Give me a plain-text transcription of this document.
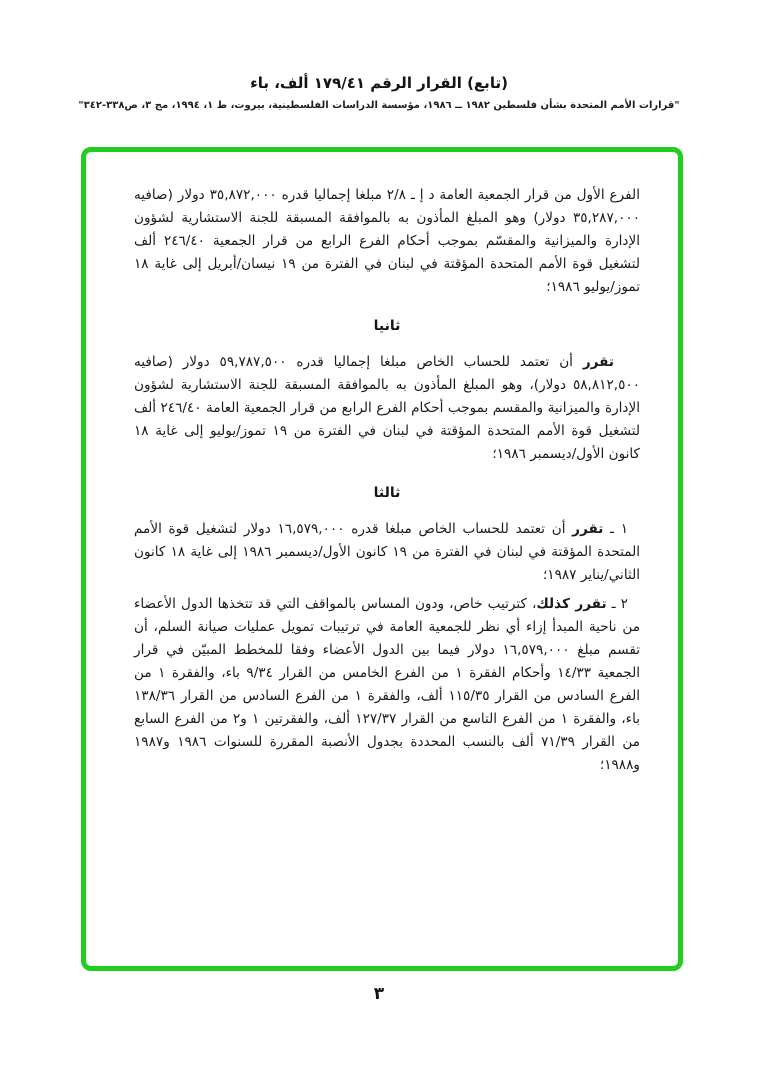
(تابع) القرار الرقم ١٧٩/٤١ ألف، باء
"قرارات الأمم المتحدة بشأن فلسطين ١٩٨٢ ــ ١٩٨٦، مؤسسة الدراسات الفلسطينية، بيروت، ط ١، ١٩٩٤، مج ٣، ص٣٣٨-٣٤٢"

الفرع الأول من قرار الجمعية العامة د إ ـ ٢/٨ مبلغا إجماليا قدره ٣٥,٨٧٢,٠٠٠ دولار (صافيه ٣٥,٢٨٧,٠٠٠ دولار) وهو المبلغ المأذون به بالموافقة المسبقة للجنة الاستشارية لشؤون الإدارة والميزانية والمقسّم بموجب أحكام الفرع الرابع من قرار الجمعية ٢٤٦/٤٠ ألف لتشغيل قوة الأمم المتحدة المؤقتة في لبنان في الفترة من ١٩ نيسان/أبريل إلى غاية ١٨ تموز/يوليو ١٩٨٦؛

ثانيا

تقرر أن تعتمد للحساب الخاص مبلغا إجماليا قدره ٥٩,٧٨٧,٥٠٠ دولار (صافيه ٥٨,٨١٢,٥٠٠ دولار)، وهو المبلغ المأذون به بالموافقة المسبقة للجنة الاستشارية لشؤون الإدارة والميزانية والمقسم بموجب أحكام الفرع الرابع من قرار الجمعية العامة ٢٤٦/٤٠ ألف لتشغيل قوة الأمم المتحدة المؤقتة في لبنان في الفترة من ١٩ تموز/يوليو إلى غاية ١٨ كانون الأول/ديسمبر ١٩٨٦؛

ثالثا

١ ـ تقرر أن تعتمد للحساب الخاص مبلغا قدره ١٦,٥٧٩,٠٠٠ دولار لتشغيل قوة الأمم المتحدة المؤقتة في لبنان في الفترة من ١٩ كانون الأول/ديسمبر ١٩٨٦ إلى غاية ١٨ كانون الثاني/يناير ١٩٨٧؛

٢ ـ تقرر كذلك، كترتيب خاص، ودون المساس بالمواقف التي قد تتخذها الدول الأعضاء من ناحية المبدأ إزاء أي نظر للجمعية العامة في ترتيبات تمويل عمليات صيانة السلم، أن تقسم مبلغ ١٦,٥٧٩,٠٠٠ دولار فيما بين الدول الأعضاء وفقا للمخطط المبيّن في قرار الجمعية ١٤/٣٣ وأحكام الفقرة ١ من الفرع الخامس من القرار ٩/٣٤ باء، والفقرة ١ من الفرع السادس من القرار ١١٥/٣٥ ألف، والفقرة ١ من الفرع السادس من القرار ١٣٨/٣٦ باء، والفقرة ١ من الفرع التاسع من القرار ١٢٧/٣٧ ألف، والفقرتين ١ و٢ من الفرع السابع من القرار ٧١/٣٩ ألف بالنسب المحددة بجدول الأنصبة المقررة للسنوات ١٩٨٦ و١٩٨٧ و١٩٨٨؛

٣
